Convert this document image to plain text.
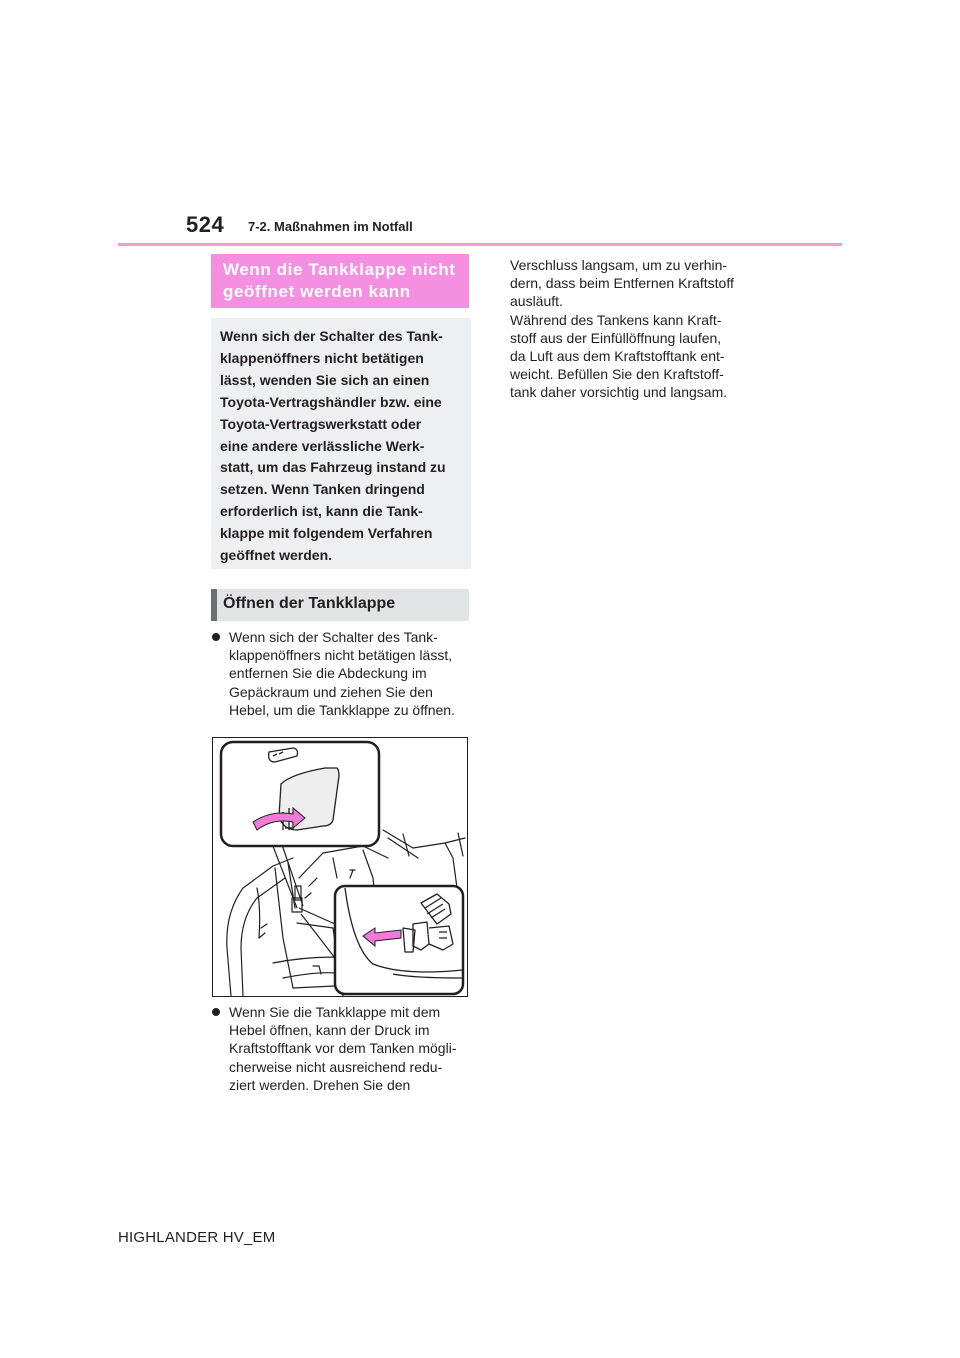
524 7-2. Maßnahmen im Notfall
Wenn die Tankklappe nicht
geöffnet werden kann
Wenn sich der Schalter des Tank-
klappenöffners nicht betätigen
lässt, wenden Sie sich an einen
Toyota-Vertragshändler bzw. eine
Toyota-Vertragswerkstatt oder
eine andere verlässliche Werk-
statt, um das Fahrzeug instand zu
setzen. Wenn Tanken dringend
erforderlich ist, kann die Tank-
klappe mit folgendem Verfahren
geöffnet werden.
Öffnen der Tankklappe
Wenn sich der Schalter des Tank-
klappenöffners nicht betätigen lässt,
entfernen Sie die Abdeckung im
Gepäckraum und ziehen Sie den
Hebel, um die Tankklappe zu öffnen.
Wenn Sie die Tankklappe mit dem
Hebel öffnen, kann der Druck im
Kraftstofftank vor dem Tanken mögli-
cherweise nicht ausreichend redu-
ziert werden. Drehen Sie den
Verschluss langsam, um zu verhin-
dern, dass beim Entfernen Kraftstoff
ausläuft.
Während des Tankens kann Kraft-
stoff aus der Einfüllöffnung laufen,
da Luft aus dem Kraftstofftank ent-
weicht. Befüllen Sie den Kraftstoff-
tank daher vorsichtig und langsam.
HIGHLANDER HV_EM
